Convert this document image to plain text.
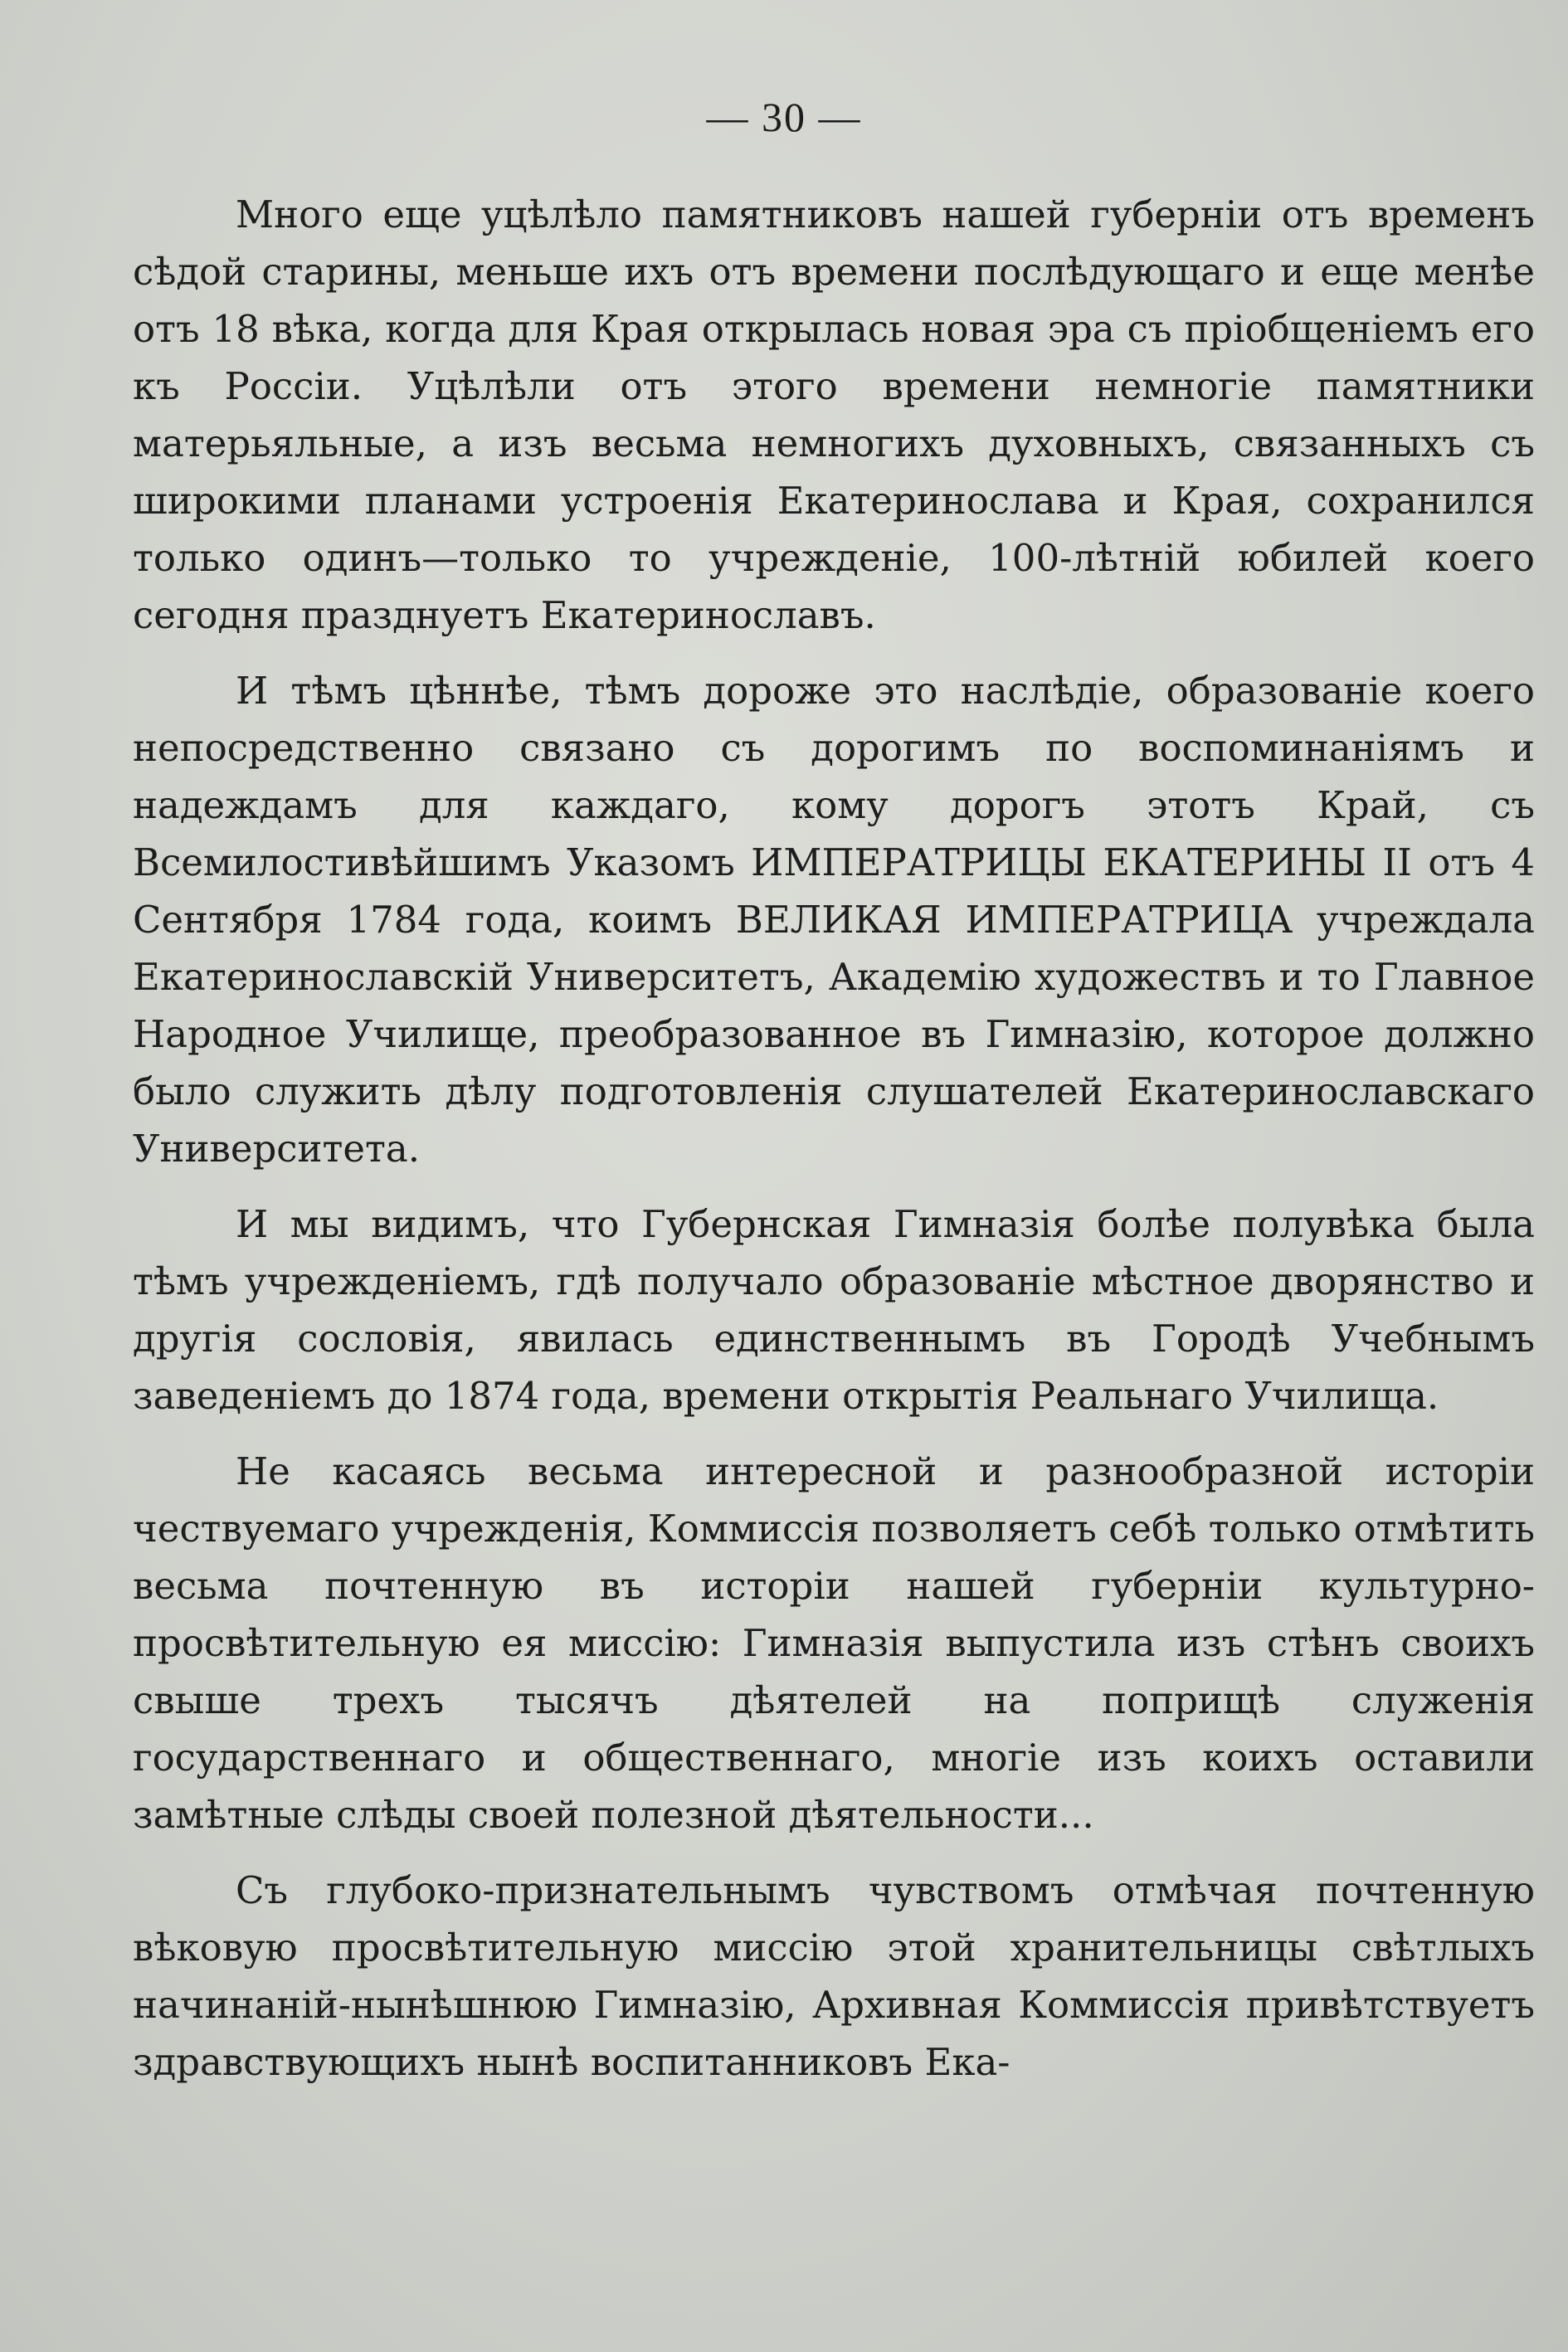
— 30 —

Много еще уцѣлѣло памятниковъ нашей губерніи отъ временъ сѣдой старины, меньше ихъ отъ времени послѣдующаго и еще менѣе отъ 18 вѣка, когда для Края открылась новая эра съ пріобщеніемъ его къ Россіи. Уцѣлѣли отъ этого времени немногіе памятники матерьяльные, а изъ весьма немногихъ духовныхъ, связанныхъ съ широкими планами устроенія Екатеринослава и Края, сохранился только одинъ—только то учрежденіе, 100-лѣтній юбилей коего сегодня празднуетъ Екатеринославъ.

И тѣмъ цѣннѣе, тѣмъ дороже это наслѣдіе, образованіе коего непосредственно связано съ дорогимъ по воспоминаніямъ и надеждамъ для каждаго, кому дорогъ этотъ Край, съ Всемилостивѣйшимъ Указомъ ИМПЕРАТРИЦЫ ЕКАТЕРИНЫ II отъ 4 Сентября 1784 года, коимъ ВЕЛИКАЯ ИМПЕРАТРИЦА учреждала Екатеринославскій Университетъ, Академію художествъ и то Главное Народное Училище, преобразованное въ Гимназію, которое должно было служить дѣлу подготовленія слушателей Екатеринославскаго Университета.

И мы видимъ, что Губернская Гимназія болѣе полувѣка была тѣмъ учрежденіемъ, гдѣ получало образованіе мѣстное дворянство и другія сословія, явилась единственнымъ въ Городѣ Учебнымъ заведеніемъ до 1874 года, времени открытія Реальнаго Училища.

Не касаясь весьма интересной и разнообразной исторіи чествуемаго учрежденія, Коммиссія позволяетъ себѣ только отмѣтить весьма почтенную въ исторіи нашей губерніи культурно-просвѣтительную ея миссію: Гимназія выпустила изъ стѣнъ своихъ свыше трехъ тысячъ дѣятелей на поприщѣ служенія государственнаго и общественнаго, многіе изъ коихъ оставили замѣтные слѣды своей полезной дѣятельности...

Съ глубоко-признательнымъ чувствомъ отмѣчая почтенную вѣковую просвѣтительную миссію этой хранительницы свѣтлыхъ начинаній-нынѣшнюю Гимназію, Архивная Коммиссія привѣтствуетъ здравствующихъ нынѣ воспитанниковъ Ека-
